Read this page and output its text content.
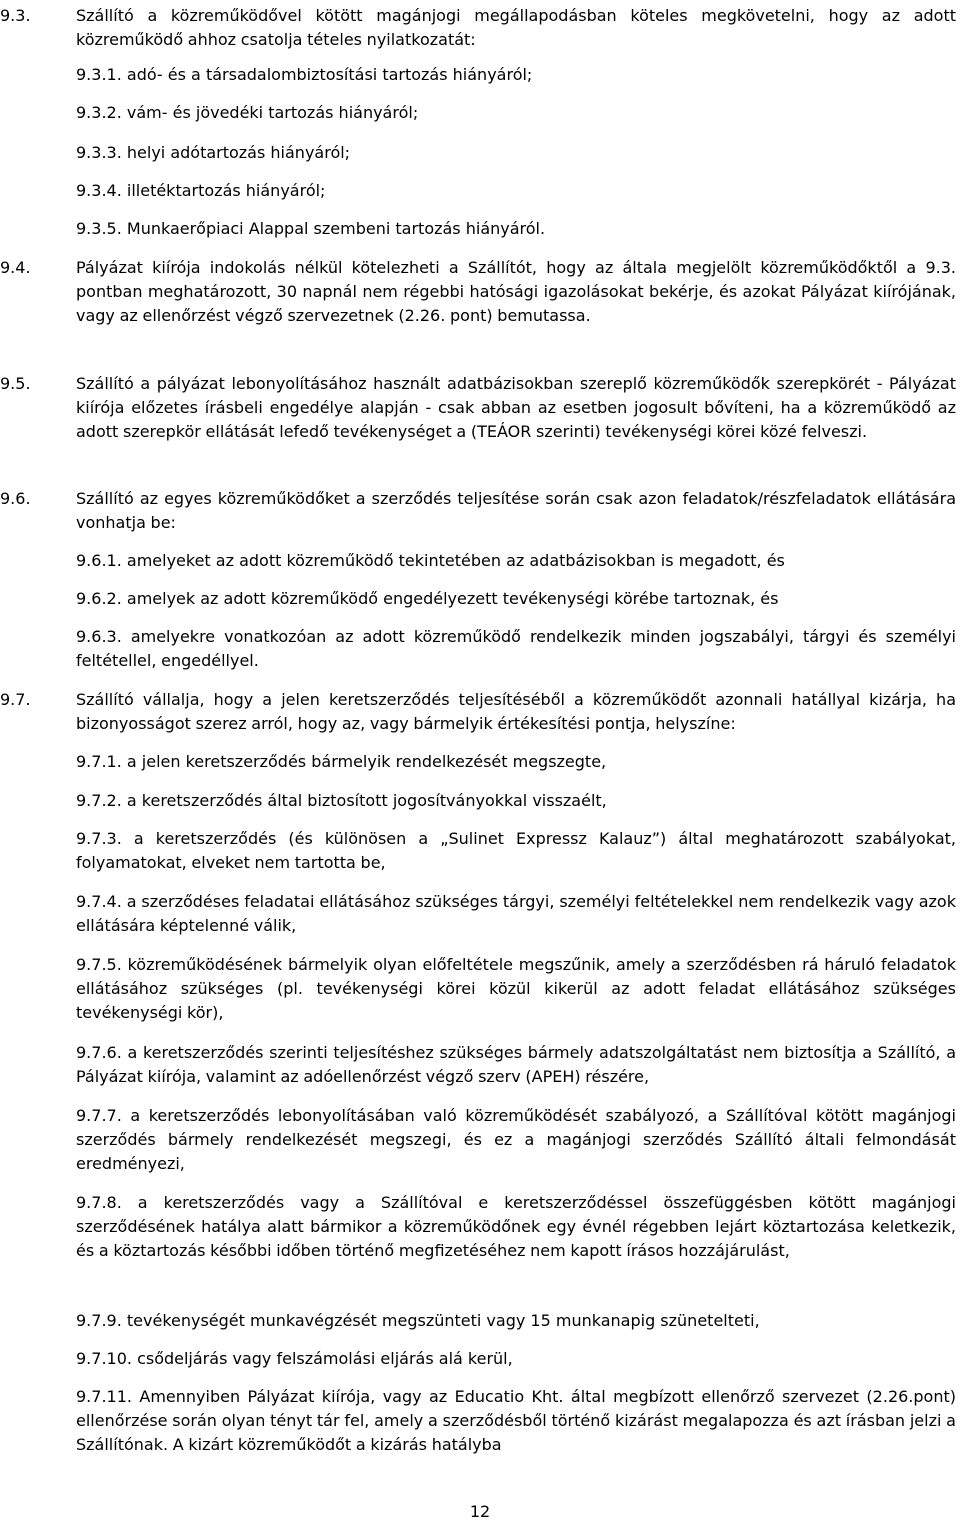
9.3.	Szállító a közreműködővel kötött magánjogi megállapodásban köteles megkövetelni, hogy az adott közreműködő ahhoz csatolja tételes nyilatkozatát:
9.3.1. adó- és a társadalombiztosítási tartozás hiányáról;
9.3.2. vám- és jövedéki tartozás hiányáról;
9.3.3. helyi adótartozás hiányáról;
9.3.4. illetéktartozás hiányáról;
9.3.5. Munkaerőpiaci Alappal szembeni tartozás hiányáról.
9.4.	Pályázat kiírója indokolás nélkül kötelezheti a Szállítót, hogy az általa megjelölt közreműködőktől a 9.3. pontban meghatározott, 30 napnál nem régebbi hatósági igazolásokat bekérje, és azokat Pályázat kiírójának, vagy az ellenőrzést végző szervezetnek (2.26. pont) bemutassa.
9.5.	Szállító a pályázat lebonyolításához használt adatbázisokban szereplő közreműködők szerepkörét - Pályázat kiírója előzetes írásbeli engedélye alapján - csak abban az esetben jogosult bővíteni, ha a közreműködő az adott szerepkör ellátását lefedő tevékenységet a (TEÁOR szerinti) tevékenységi körei közé felveszi.
9.6.	Szállító az egyes közreműködőket a szerződés teljesítése során csak azon feladatok/részfeladatok ellátására vonhatja be:
9.6.1. amelyeket az adott közreműködő tekintetében az adatbázisokban is megadott, és
9.6.2. amelyek az adott közreműködő engedélyezett tevékenységi körébe tartoznak, és
9.6.3. amelyekre vonatkozóan az adott közreműködő rendelkezik minden jogszabályi, tárgyi és személyi feltétellel, engedéllyel.
9.7.	Szállító vállalja, hogy a jelen keretszerződés teljesítéséből a közreműködőt azonnali hatállyal kizárja, ha bizonyosságot szerez arról, hogy az, vagy bármelyik értékesítési pontja, helyszíne:
9.7.1. a jelen keretszerződés bármelyik rendelkezését megszegte,
9.7.2. a keretszerződés által biztosított jogosítványokkal visszaélt,
9.7.3. a keretszerződés (és különösen a „Sulinet Expressz Kalauz”) által meghatározott szabályokat, folyamatokat, elveket nem tartotta be,
9.7.4. a szerződéses feladatai ellátásához szükséges tárgyi, személyi feltételekkel nem rendelkezik vagy azok ellátására képtelenné válik,
9.7.5. közreműködésének bármelyik olyan előfeltétele megszűnik, amely a szerződésben rá háruló feladatok ellátásához szükséges (pl. tevékenységi körei közül kikerül az adott feladat ellátásához szükséges tevékenységi kör),
9.7.6. a keretszerződés szerinti teljesítéshez szükséges bármely adatszolgáltatást nem biztosítja a Szállító, a Pályázat kiírója, valamint az adóellenőrzést végző szerv (APEH) részére,
9.7.7. a keretszerződés lebonyolításában való közreműködését szabályozó, a Szállítóval kötött magánjogi szerződés bármely rendelkezését megszegi, és ez a magánjogi szerződés Szállító általi felmondását eredményezi,
9.7.8. a keretszerződés vagy a Szállítóval e keretszerződéssel összefüggésben kötött magánjogi szerződésének hatálya alatt bármikor a közreműködőnek egy évnél régebben lejárt köztartozása keletkezik, és a köztartozás későbbi időben történő megfizetéséhez nem kapott írásos hozzájárulást,
9.7.9. tevékenységét munkavégzését megszünteti vagy 15 munkanapig szünetelteti,
9.7.10. csődeljárás vagy felszámolási eljárás alá kerül,
9.7.11. Amennyiben Pályázat kiírója, vagy az Educatio Kht. által megbízott ellenőrző szervezet (2.26.pont) ellenőrzése során olyan tényt tár fel, amely a szerződésből történő kizárást megalapozza és azt írásban jelzi a Szállítónak. A kizárt közreműködőt a kizárás hatályba
12
